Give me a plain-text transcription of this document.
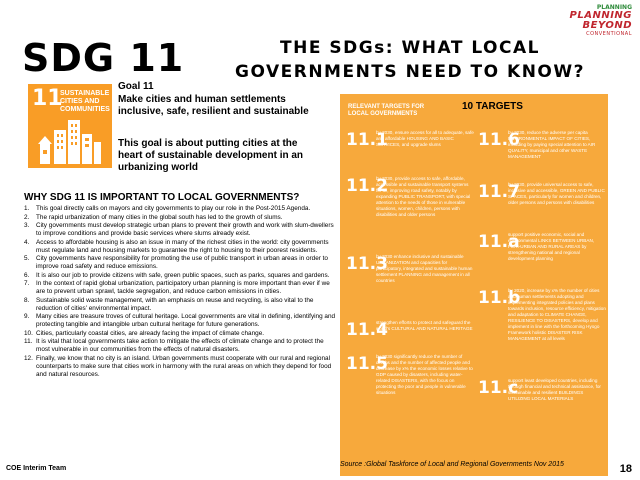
SDG 11	THE SDGs: WHAT LOCAL GOVERNMENTS NEED TO KNOW?
PLANNING
PLANNING
BEYOND
CONVENTIONAL
11
SUSTAINABLE CITIES AND COMMUNITIES
Goal 11
Make cities and human settlements inclusive, safe, resilient and sustainable
This goal is about putting cities at the heart of sustainable development in an urbanizing world
WHY SDG 11 IS IMPORTANT TO LOCAL GOVERNMENTS?
1. This goal directly calls on mayors and city governments to play our role in the Post-2015 Agenda.
2. The rapid urbanization of many cities in the global south has led to the growth of slums.
3. City governments must develop strategic urban plans to prevent their growth and work with slum-dwellers to improve conditions and provide basic services where slums already exist.
4. Access to affordable housing is also an issue in many of the richest cities in the world: city governments must regulate land and housing markets to guarantee the right to housing to their poorest residents.
5. City governments have responsibility for promoting the use of public transport in urban areas in order to improve road safety and reduce emissions.
6. It is also our job to provide citizens with safe, green public spaces, such as parks, squares and gardens.
7. In the context of rapid global urbanization, participatory urban planning is more important than ever if we are to prevent urban sprawl, tackle segregation, and reduce carbon emissions in cities.
8. Sustainable solid waste management, with an emphasis on reuse and recycling, is also vital to the reduction of cities' environmental impact.
9. Many cities are treasure troves of cultural heritage. Local governments are vital in defining, identifying and protecting tangible and intangible urban cultural heritage for future generations.
10. Cities, particularly coastal cities, are already facing the impact of climate change.
11. It is vital that local governments take action to mitigate the effects of climate change and to protect the most vulnerable in our communities from the effects of natural disasters.
12. Finally, we know that no city is an island. Urban governments must cooperate with our rural and regional counterparts to make sure that cities work in harmony with the rural areas on which they depend for food and natural resources.
RELEVANT TARGETS FOR LOCAL GOVERNMENTS
10 TARGETS
11.1
by 2030, ensure access for all to adequate, safe and affordable HOUSING AND BASIC SERVICES, and upgrade slums
11.2
by 2030, provide access to safe, affordable, accessible and sustainable transport systems for all, improving road safety, notably by expanding PUBLIC TRANSPORT, with special attention to the needs of those in vulnerable situations, women, children, persons with disabilities and older persons
11.3
by 2030 enhance inclusive and sustainable URBANIZATION and capacities for participatory, integrated and sustainable human settlement PLANNING and management in all countries
11.4
strengthen efforts to protect and safeguard the world's CULTURAL AND NATURAL HERITAGE
11.5
by 2030 significantly reduce the number of deaths and the number of affected people and decrease by x% the economic losses relative to GDP caused by disasters, including water-related DISASTERS, with the focus on protecting the poor and people in vulnerable situations
11.6
by 2030, reduce the adverse per capita ENVIRONMENTAL IMPACT OF CITIES, including by paying special attention to AIR QUALITY, municipal and other WASTE MANAGEMENT
11.7
by 2030, provide universal access to safe, inclusive and accessible, GREEN AND PUBLIC SPACES, particularly for women and children, older persons and persons with disabilities
11.a
support positive economic, social and environmental LINKS BETWEEN URBAN, PERI-URBAN AND RURAL AREAS by strengthening national and regional development planning
11.b
by 2020, increase by x% the number of cities and human settlements adopting and implementing integrated policies and plans towards inclusion, resource efficiency, mitigation and adaptation to CLIMATE CHANGE, RESILIENCE TO DISASTERS, develop and implement in line with the forthcoming Hyogo Framework holistic DISASTER RISK MANAGEMENT at all levels
11.c
support least developed countries, including through financial and technical assistance, for sustainable and resilient BUILDINGS UTILIZING LOCAL MATERIALS
Source :Global Taskforce of Local and Regional Governments Nov 2015
COE Interim Team	18
